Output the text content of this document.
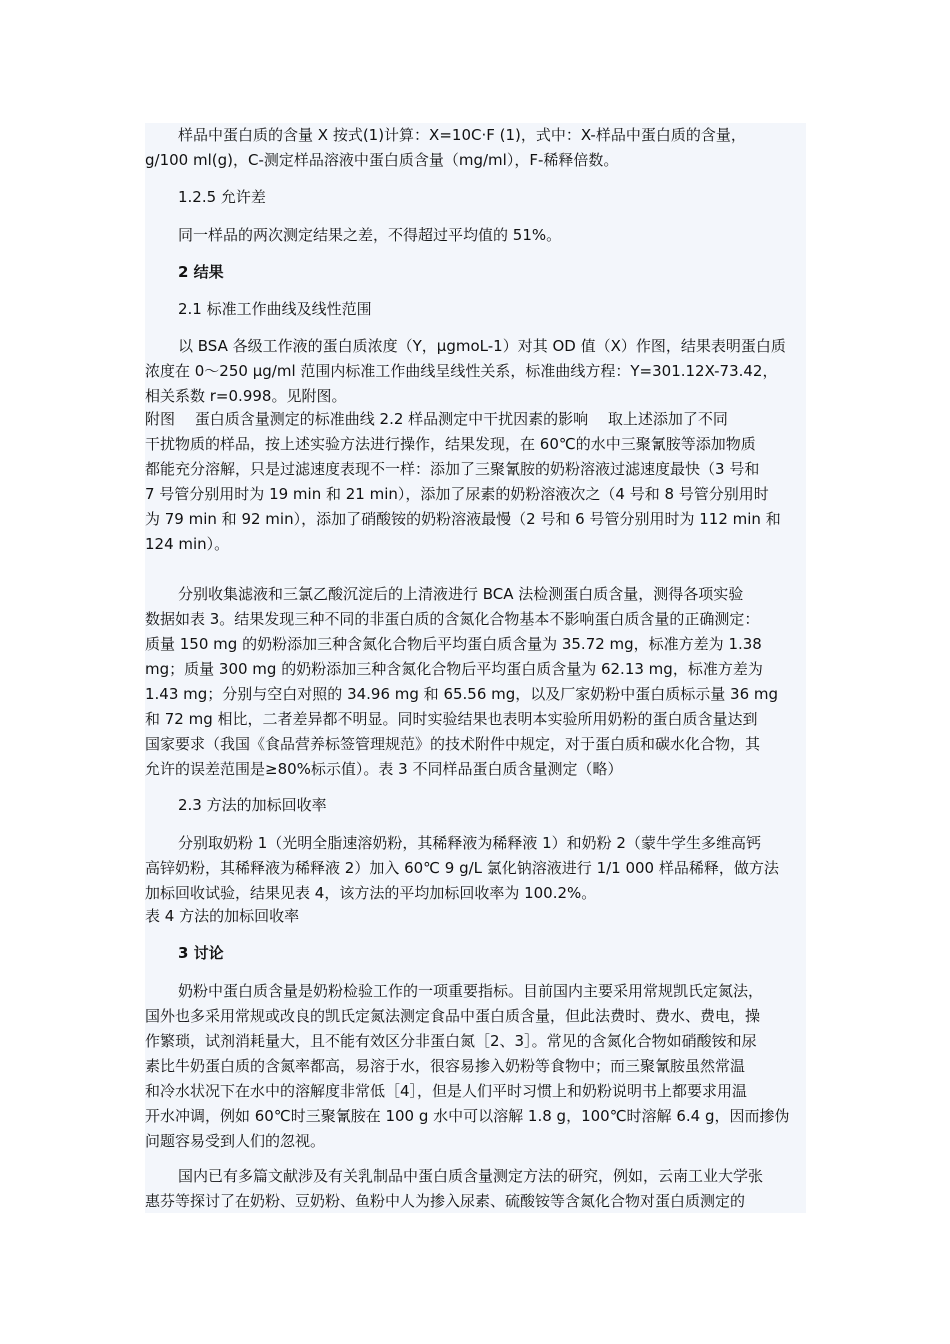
样品中蛋白质的含量 X 按式(1)计算：X=10C·F (1)，式中：X-样品中蛋白质的含量，
g/100 ml(g)，C-测定样品溶液中蛋白质含量（mg/ml），F-稀释倍数。
1.2.5 允许差
同一样品的两次测定结果之差，不得超过平均值的 51%。
2 结果
2.1 标准工作曲线及线性范围
以 BSA 各级工作液的蛋白质浓度（Y，μgmoL-1）对其 OD 值（X）作图，结果表明蛋白质
浓度在 0～250 μg/ml 范围内标准工作曲线呈线性关系，标准曲线方程：Y=301.12X-73.42，
相关系数 r=0.998。见附图。
附图　 蛋白质含量测定的标准曲线 2.2 样品测定中干扰因素的影响　 取上述添加了不同
干扰物质的样品，按上述实验方法进行操作，结果发现，在 60℃的水中三聚氰胺等添加物质
都能充分溶解，只是过滤速度表现不一样：添加了三聚氰胺的奶粉溶液过滤速度最快（3 号和
7 号管分别用时为 19 min 和 21 min），添加了尿素的奶粉溶液次之（4 号和 8 号管分别用时
为 79 min 和 92 min），添加了硝酸铵的奶粉溶液最慢（2 号和 6 号管分别用时为 112 min 和
124 min）。
分别收集滤液和三氯乙酸沉淀后的上清液进行 BCA 法检测蛋白质含量，测得各项实验
数据如表 3。结果发现三种不同的非蛋白质的含氮化合物基本不影响蛋白质含量的正确测定：
质量 150 mg 的奶粉添加三种含氮化合物后平均蛋白质含量为 35.72 mg，标准方差为 1.38
mg；质量 300 mg 的奶粉添加三种含氮化合物后平均蛋白质含量为 62.13 mg，标准方差为
1.43 mg；分别与空白对照的 34.96 mg 和 65.56 mg，以及厂家奶粉中蛋白质标示量 36 mg
和 72 mg 相比，二者差异都不明显。同时实验结果也表明本实验所用奶粉的蛋白质含量达到
国家要求（我国《食品营养标签管理规范》的技术附件中规定，对于蛋白质和碳水化合物，其
允许的误差范围是≥80%标示值）。表 3 不同样品蛋白质含量测定（略）
2.3 方法的加标回收率
分别取奶粉 1（光明全脂速溶奶粉，其稀释液为稀释液 1）和奶粉 2（蒙牛学生多维高钙
高锌奶粉，其稀释液为稀释液 2）加入 60℃ 9 g/L 氯化钠溶液进行 1/1 000 样品稀释，做方法
加标回收试验，结果见表 4，该方法的平均加标回收率为 100.2%。
表 4 方法的加标回收率
3 讨论
奶粉中蛋白质含量是奶粉检验工作的一项重要指标。目前国内主要采用常规凯氏定氮法，
国外也多采用常规或改良的凯氏定氮法测定食品中蛋白质含量，但此法费时、费水、费电，操
作繁琐，试剂消耗量大，且不能有效区分非蛋白氮［2、3］。常见的含氮化合物如硝酸铵和尿
素比牛奶蛋白质的含氮率都高，易溶于水，很容易掺入奶粉等食物中；而三聚氰胺虽然常温
和冷水状况下在水中的溶解度非常低［4］，但是人们平时习惯上和奶粉说明书上都要求用温
开水冲调，例如 60℃时三聚氰胺在 100 g 水中可以溶解 1.8 g，100℃时溶解 6.4 g，因而掺伪
问题容易受到人们的忽视。
国内已有多篇文献涉及有关乳制品中蛋白质含量测定方法的研究，例如，云南工业大学张
惠芬等探讨了在奶粉、豆奶粉、鱼粉中人为掺入尿素、硫酸铵等含氮化合物对蛋白质测定的
